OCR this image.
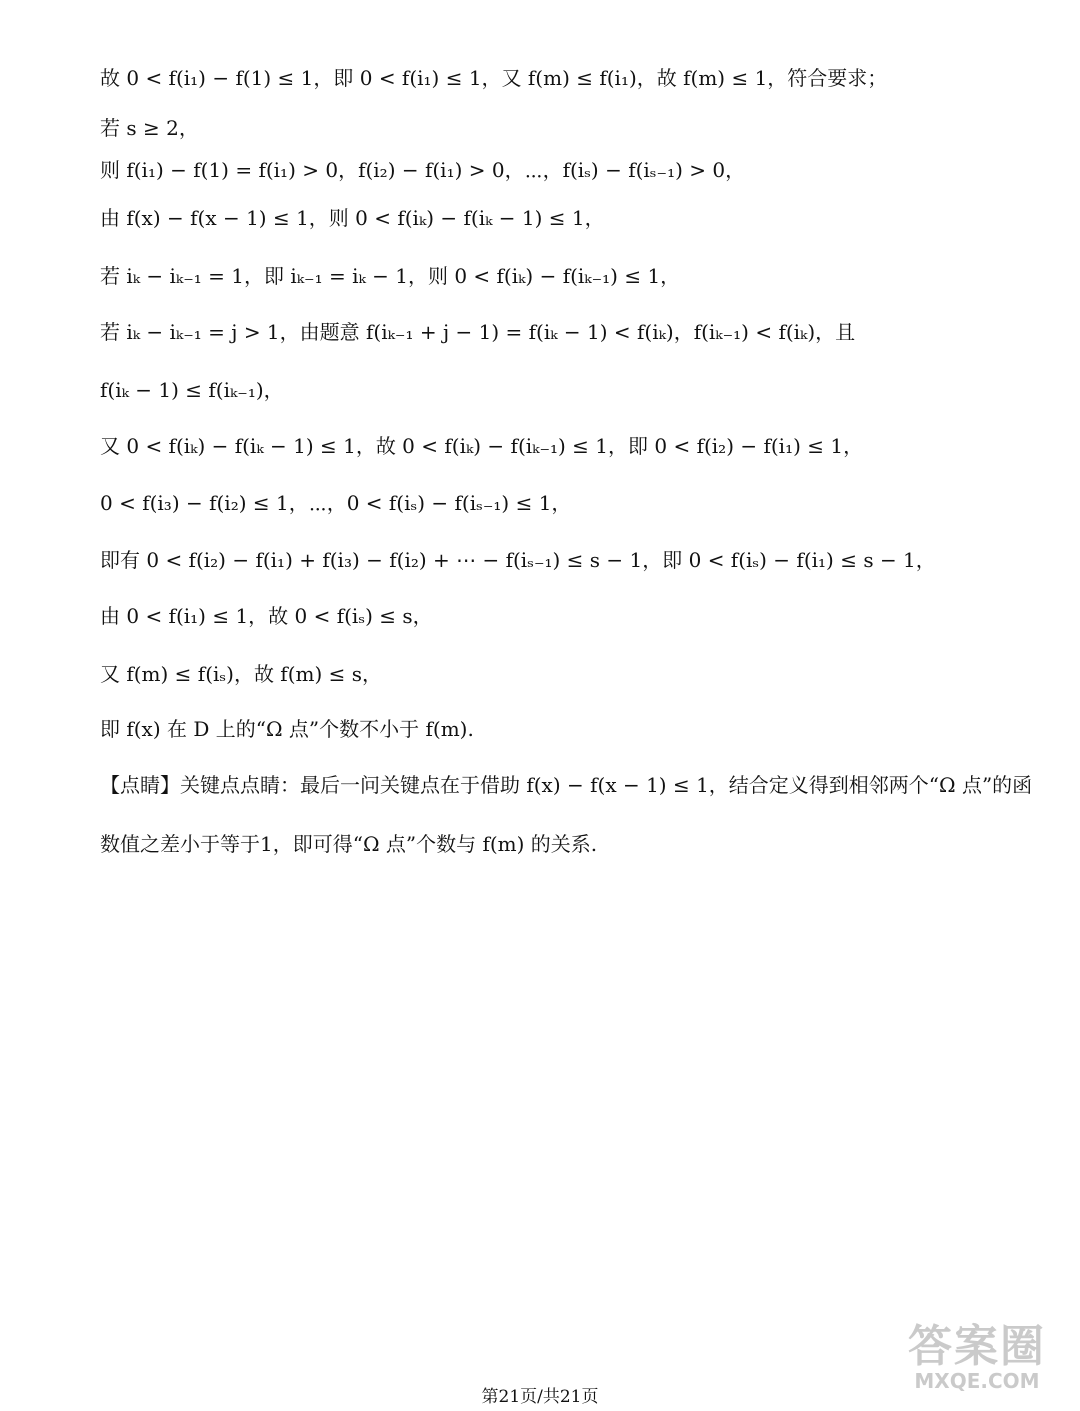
故 0 < f(i₁) − f(1) ≤ 1，即 0 < f(i₁) ≤ 1，又 f(m) ≤ f(i₁)，故 f(m) ≤ 1，符合要求；
若 s ≥ 2，
则 f(i₁) − f(1) = f(i₁) > 0，f(i₂) − f(i₁) > 0，⋯，f(iₛ) − f(iₛ₋₁) > 0，
由 f(x) − f(x − 1) ≤ 1，则 0 < f(iₖ) − f(iₖ − 1) ≤ 1，
若 iₖ − iₖ₋₁ = 1，即 iₖ₋₁ = iₖ − 1，则 0 < f(iₖ) − f(iₖ₋₁) ≤ 1，
若 iₖ − iₖ₋₁ = j > 1，由题意 f(iₖ₋₁ + j − 1) = f(iₖ − 1) < f(iₖ)，f(iₖ₋₁) < f(iₖ)，且
f(iₖ − 1) ≤ f(iₖ₋₁)，
又 0 < f(iₖ) − f(iₖ − 1) ≤ 1，故 0 < f(iₖ) − f(iₖ₋₁) ≤ 1，即 0 < f(i₂) − f(i₁) ≤ 1，
0 < f(i₃) − f(i₂) ≤ 1，⋯，0 < f(iₛ) − f(iₛ₋₁) ≤ 1，
即有 0 < f(i₂) − f(i₁) + f(i₃) − f(i₂) + ⋯ − f(iₛ₋₁) ≤ s − 1，即 0 < f(iₛ) − f(i₁) ≤ s − 1，
由 0 < f(i₁) ≤ 1，故 0 < f(iₛ) ≤ s，
又 f(m) ≤ f(iₛ)，故 f(m) ≤ s，
即 f(x) 在 D 上的“Ω 点”个数不小于 f(m).
【点睛】关键点点睛：最后一问关键点在于借助 f(x) − f(x − 1) ≤ 1，结合定义得到相邻两个“Ω 点”的函
数值之差小于等于1，即可得“Ω 点”个数与 f(m) 的关系.
第21页/共21页
答案圈
MXQE.COM
